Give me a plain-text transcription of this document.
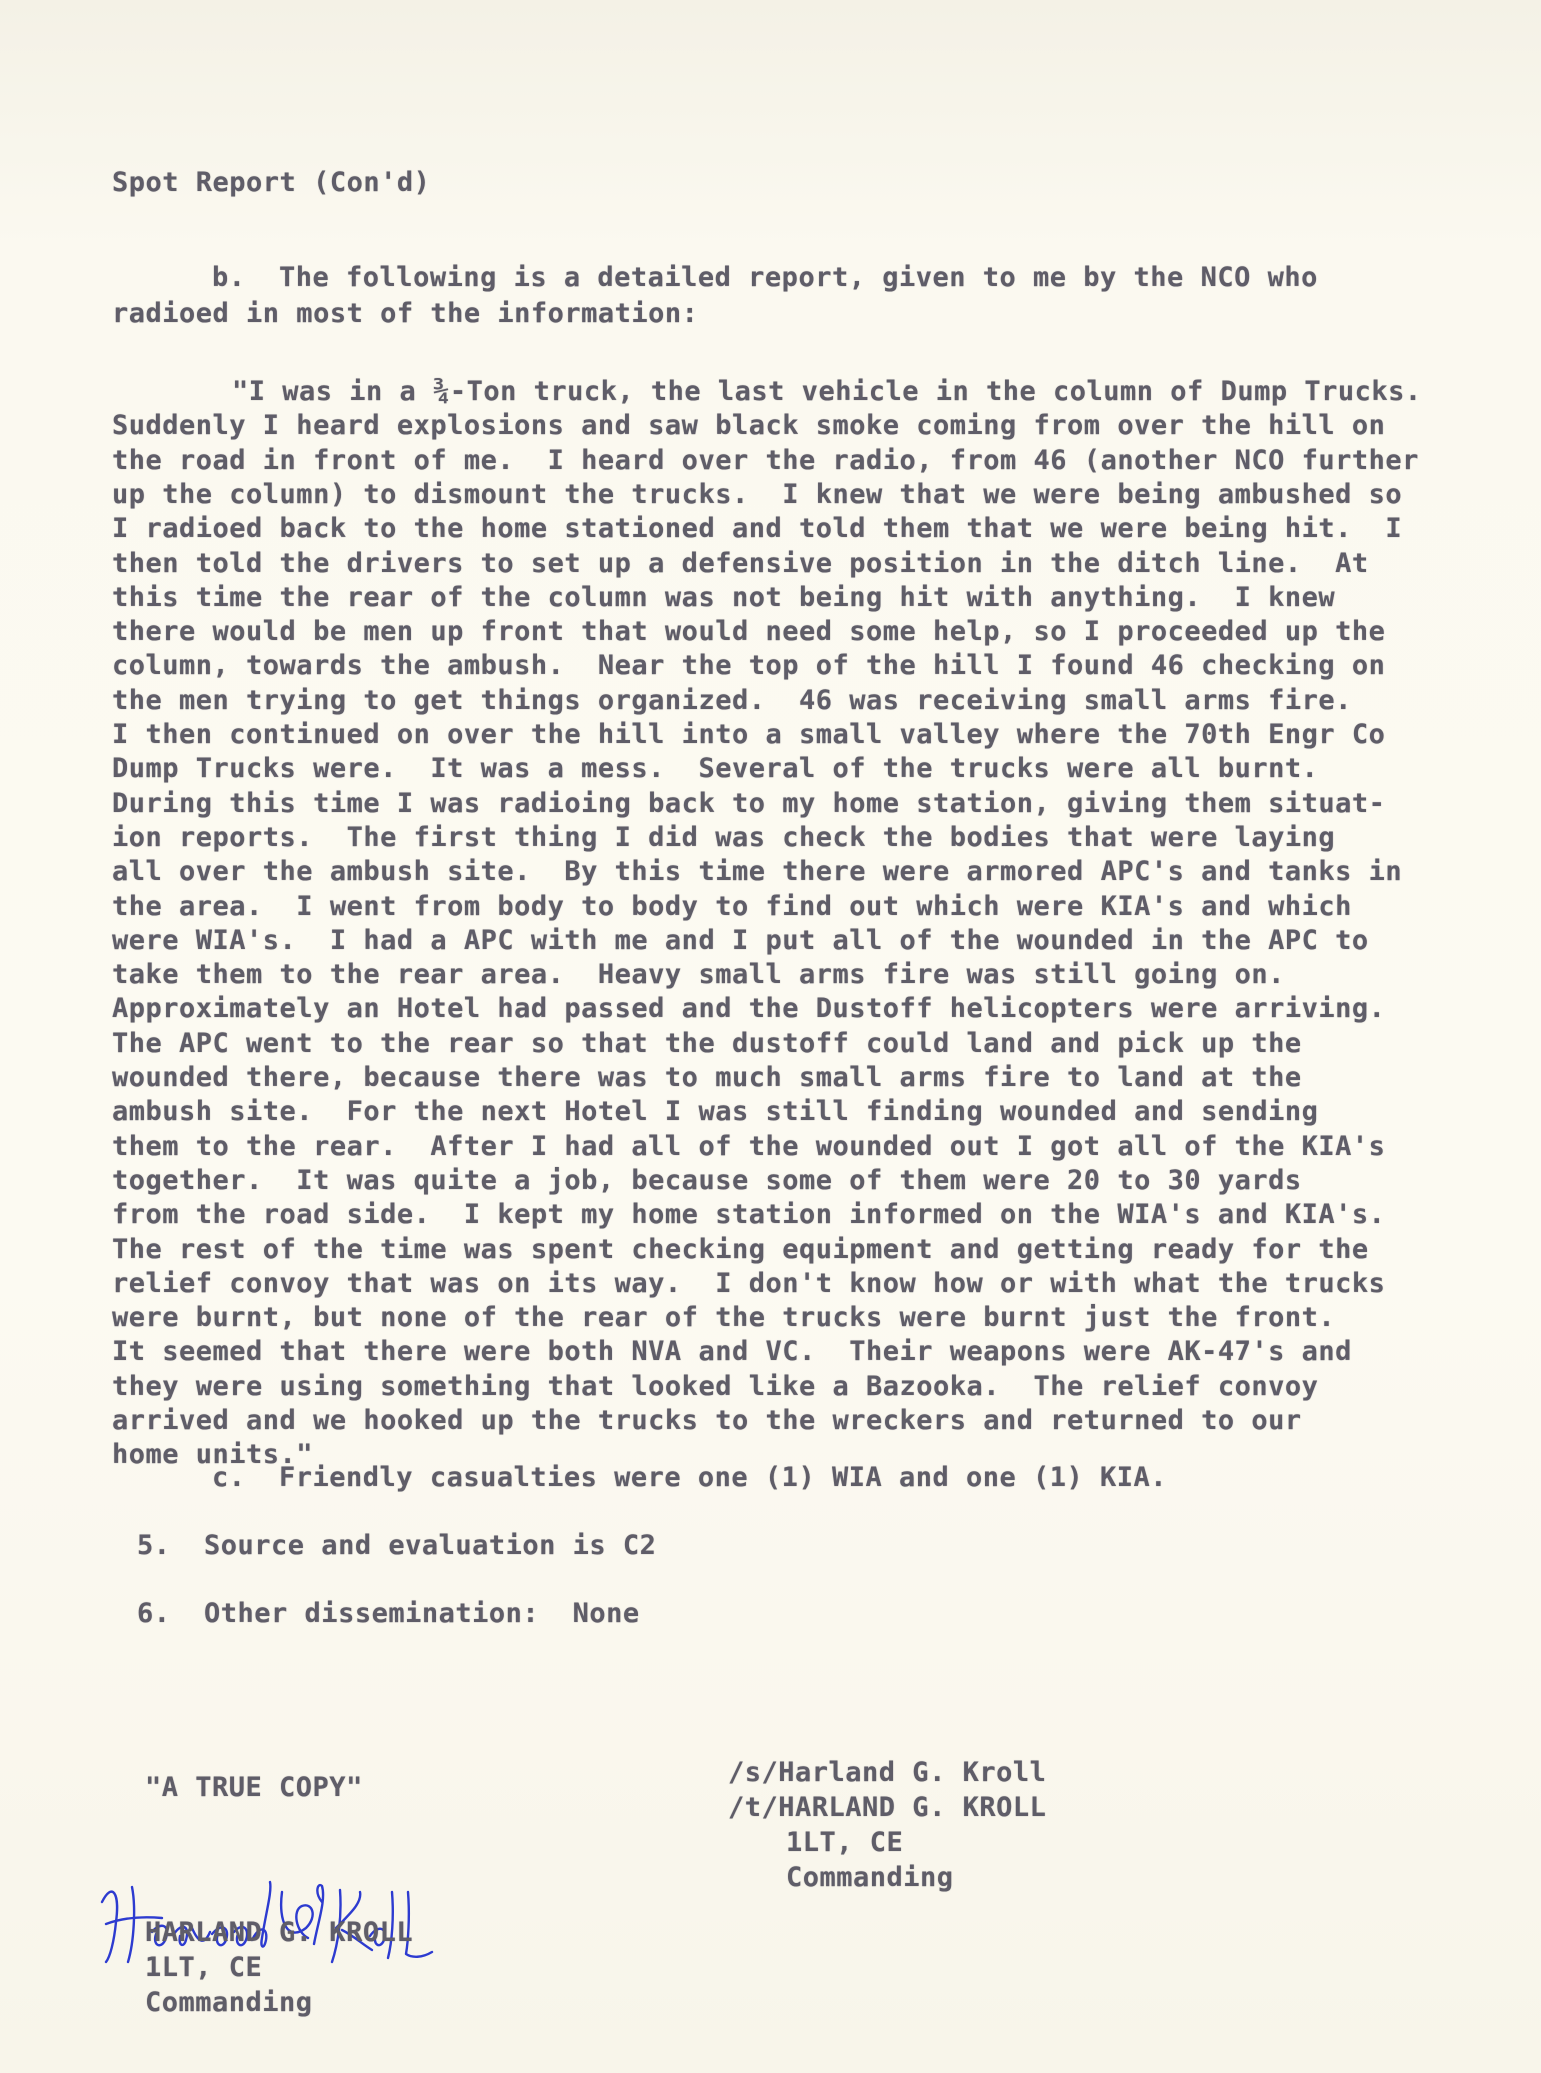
Spot Report (Con'd)
b.  The following is a detailed report, given to me by the NCO who
radioed in most of the information:
"I was in a ¾-Ton truck, the last vehicle in the column of Dump Trucks.
Suddenly I heard explosions and saw black smoke coming from over the hill on
the road in front of me.  I heard over the radio, from 46 (another NCO further
up the column) to dismount the trucks.  I knew that we were being ambushed so
I radioed back to the home stationed and told them that we were being hit.  I
then told the drivers to set up a defensive position in the ditch line.  At
this time the rear of the column was not being hit with anything.  I knew
there would be men up front that would need some help, so I proceeded up the
column, towards the ambush.  Near the top of the hill I found 46 checking on
the men trying to get things organized.  46 was receiving small arms fire.
I then continued on over the hill into a small valley where the 70th Engr Co
Dump Trucks were.  It was a mess.  Several of the trucks were all burnt.
During this time I was radioing back to my home station, giving them situat-
ion reports.  The first thing I did was check the bodies that were laying
all over the ambush site.  By this time there were armored APC's and tanks in
the area.  I went from body to body to find out which were KIA's and which
were WIA's.  I had a APC with me and I put all of the wounded in the APC to
take them to the rear area.  Heavy small arms fire was still going on.
Approximately an Hotel had passed and the Dustoff helicopters were arriving.
The APC went to the rear so that the dustoff could land and pick up the
wounded there, because there was to much small arms fire to land at the
ambush site.  For the next Hotel I was still finding wounded and sending
them to the rear.  After I had all of the wounded out I got all of the KIA's
together.  It was quite a job, because some of them were 20 to 30 yards
from the road side.  I kept my home station informed on the WIA's and KIA's.
The rest of the time was spent checking equipment and getting ready for the
relief convoy that was on its way.  I don't know how or with what the trucks
were burnt, but none of the rear of the trucks were burnt just the front.
It seemed that there were both NVA and VC.  Their weapons were AK-47's and
they were using something that looked like a Bazooka.  The relief convoy
arrived and we hooked up the trucks to the wreckers and returned to our
home units."
c.  Friendly casualties were one (1) WIA and one (1) KIA.
5.  Source and evaluation is C2
6.  Other dissemination:  None
"A TRUE COPY"	/s/Harland G. Kroll
/t/HARLAND G. KROLL
1LT, CE
Commanding
HARLAND G. KROLL
1LT, CE
Commanding
